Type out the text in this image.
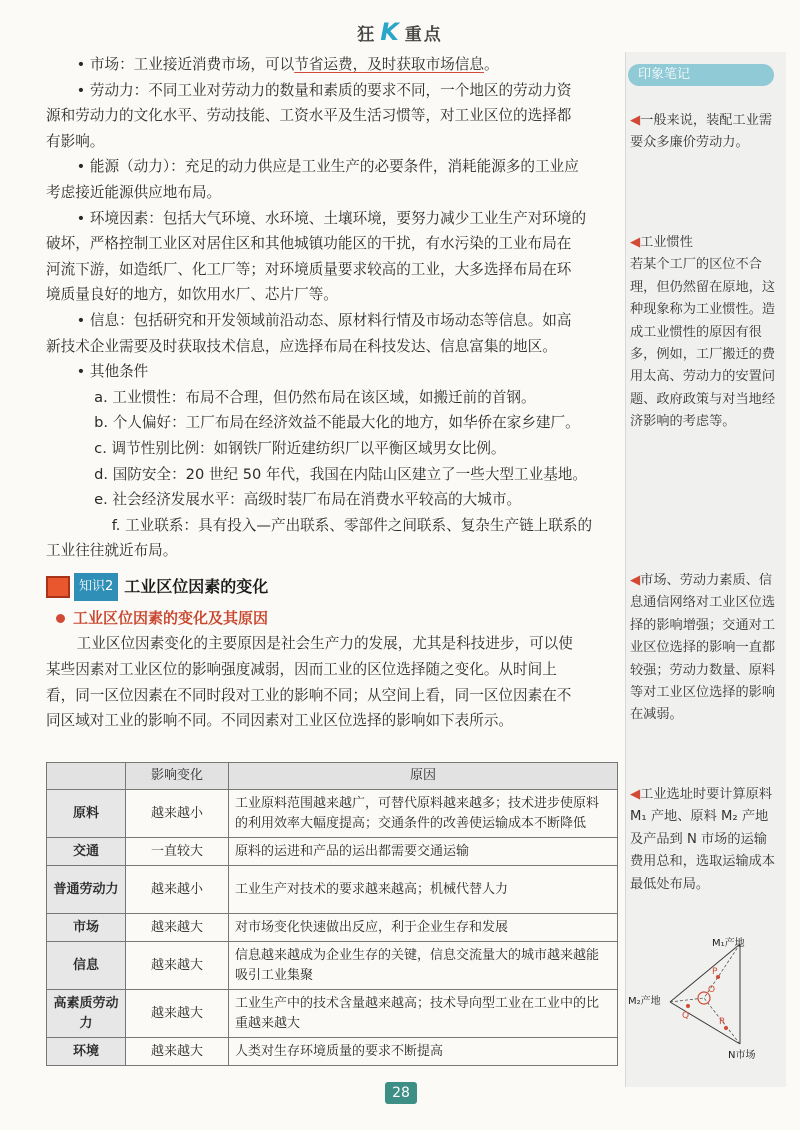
狂 K 重点

• 市场：工业接近消费市场，可以节省运费，及时获取市场信息。

• 劳动力：不同工业对劳动力的数量和素质的要求不同，一个地区的劳动力资

源和劳动力的文化水平、劳动技能、工资水平及生活习惯等，对工业区位的选择都

有影响。

• 能源（动力）：充足的动力供应是工业生产的必要条件，消耗能源多的工业应

考虑接近能源供应地布局。

• 环境因素：包括大气环境、水环境、土壤环境，要努力减少工业生产对环境的

破坏，严格控制工业区对居住区和其他城镇功能区的干扰，有水污染的工业布局在

河流下游，如造纸厂、化工厂等；对环境质量要求较高的工业，大多选择布局在环

境质量良好的地方，如饮用水厂、芯片厂等。

• 信息：包括研究和开发领域前沿动态、原材料行情及市场动态等信息。如高

新技术企业需要及时获取技术信息，应选择布局在科技发达、信息富集的地区。

• 其他条件

a. 工业惯性：布局不合理，但仍然布局在该区域，如搬迁前的首钢。

b. 个人偏好：工厂布局在经济效益不能最大化的地方，如华侨在家乡建厂。

c. 调节性别比例：如钢铁厂附近建纺织厂以平衡区域男女比例。

d. 国防安全：20 世纪 50 年代，我国在内陆山区建立了一些大型工业基地。

e. 社会经济发展水平：高级时装厂布局在消费水平较高的大城市。

f. 工业联系：具有投入—产出联系、零部件之间联系、复杂生产链上联系的

工业往往就近布局。

知识2 工业区位因素的变化
工业区位因素的变化及其原因

工业区位因素变化的主要原因是社会生产力的发展，尤其是科技进步，可以使

某些因素对工业区位的影响强度减弱，因而工业的区位选择随之变化。从时间上

看，同一区位因素在不同时段对工业的影响不同；从空间上看，同一区位因素在不

同区域对工业的影响不同。不同因素对工业区位选择的影响如下表所示。

	影响变化	原因
原料	越来越小	工业原料范围越来越广，可替代原料越来越多；技术进步使原料的利用效率大幅度提高；交通条件的改善使运输成本不断降低
交通	一直较大	原料的运进和产品的运出都需要交通运输
普通劳动力	越来越小	工业生产对技术的要求越来越高；机械代替人力
市场	越来越大	对市场变化快速做出反应，利于企业生存和发展
信息	越来越大	信息越来越成为企业生存的关键，信息交流量大的城市越来越能吸引工业集聚
高素质劳动力	越来越大	工业生产中的技术含量越来越高；技术导向型工业在工业中的比重越来越大
环境	越来越大	人类对生存环境质量的要求不断提高
印象笔记
◀一般来说，装配工业需要众多廉价劳动力。
◀工业惯性
若某个工厂的区位不合理，但仍然留在原地，这种现象称为工业惯性。造成工业惯性的原因有很多，例如，工厂搬迁的费用太高、劳动力的安置问题、政府政策与对当地经济影响的考虑等。
◀市场、劳动力素质、信息通信网络对工业区位选择的影响增强；交通对工业区位选择的影响一直都较强；劳动力数量、原料等对工业区位选择的影响在减弱。
◀工业选址时要计算原料 M₁ 产地、原料 M₂ 产地及产品到 N 市场的运输费用总和，选取运输成本最低处布局。
M₁产地
M₂产地
N市场
P
O
Q
R
28
